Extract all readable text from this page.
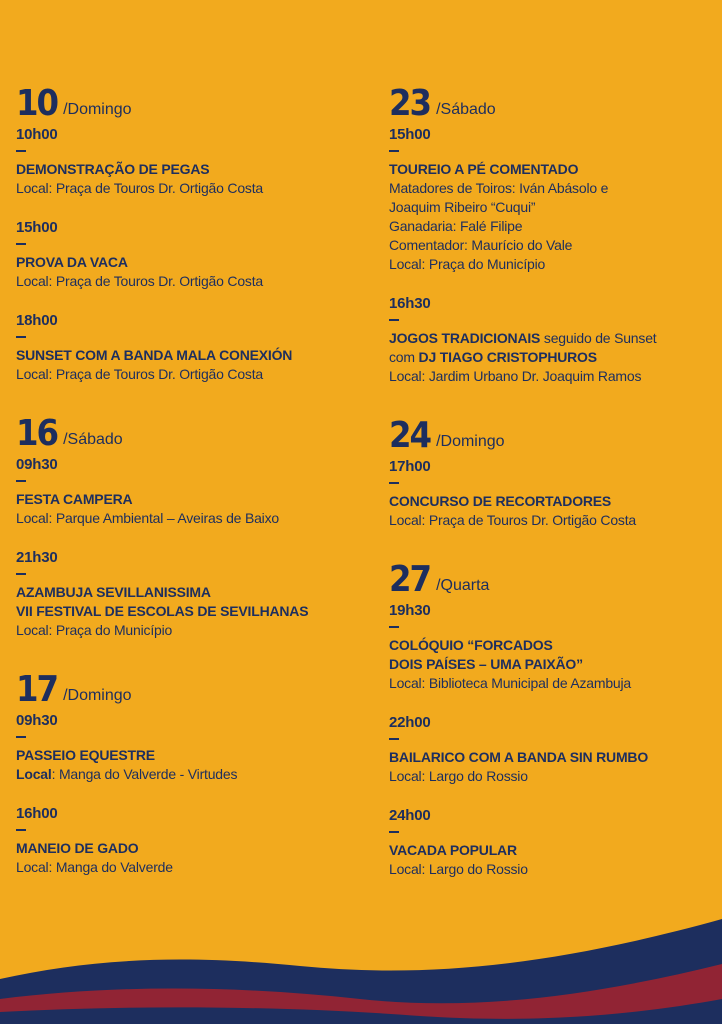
10 /Domingo
10h00
DEMONSTRAÇÃO DE PEGAS
Local: Praça de Touros Dr. Ortigão Costa
15h00
PROVA DA VACA
Local: Praça de Touros Dr. Ortigão Costa
18h00
SUNSET COM A BANDA MALA CONEXIÓN
Local: Praça de Touros Dr. Ortigão Costa
16 /Sábado
09h30
FESTA CAMPERA
Local: Parque Ambiental – Aveiras de Baixo
21h30
AZAMBUJA SEVILLANISSIMA
VII FESTIVAL DE ESCOLAS DE SEVILHANAS
Local: Praça do Município
17 /Domingo
09h30
PASSEIO EQUESTRE
Local: Manga do Valverde - Virtudes
16h00
MANEIO DE GADO
Local: Manga do Valverde
23 /Sábado
15h00
TOUREIO A PÉ COMENTADO
Matadores de Toiros: Iván Abásolo e
Joaquim Ribeiro “Cuqui”
Ganadaria: Falé Filipe
Comentador: Maurício do Vale
Local: Praça do Município
16h30
JOGOS TRADICIONAIS seguido de Sunset
com DJ TIAGO CRISTOPHUROS
Local: Jardim Urbano Dr. Joaquim Ramos
24 /Domingo
17h00
CONCURSO DE RECORTADORES
Local: Praça de Touros Dr. Ortigão Costa
27 /Quarta
19h30
COLÓQUIO “FORCADOS
DOIS PAÍSES – UMA PAIXÃO”
Local: Biblioteca Municipal de Azambuja
22h00
BAILARICO COM A BANDA SIN RUMBO
Local: Largo do Rossio
24h00
VACADA POPULAR
Local: Largo do Rossio
